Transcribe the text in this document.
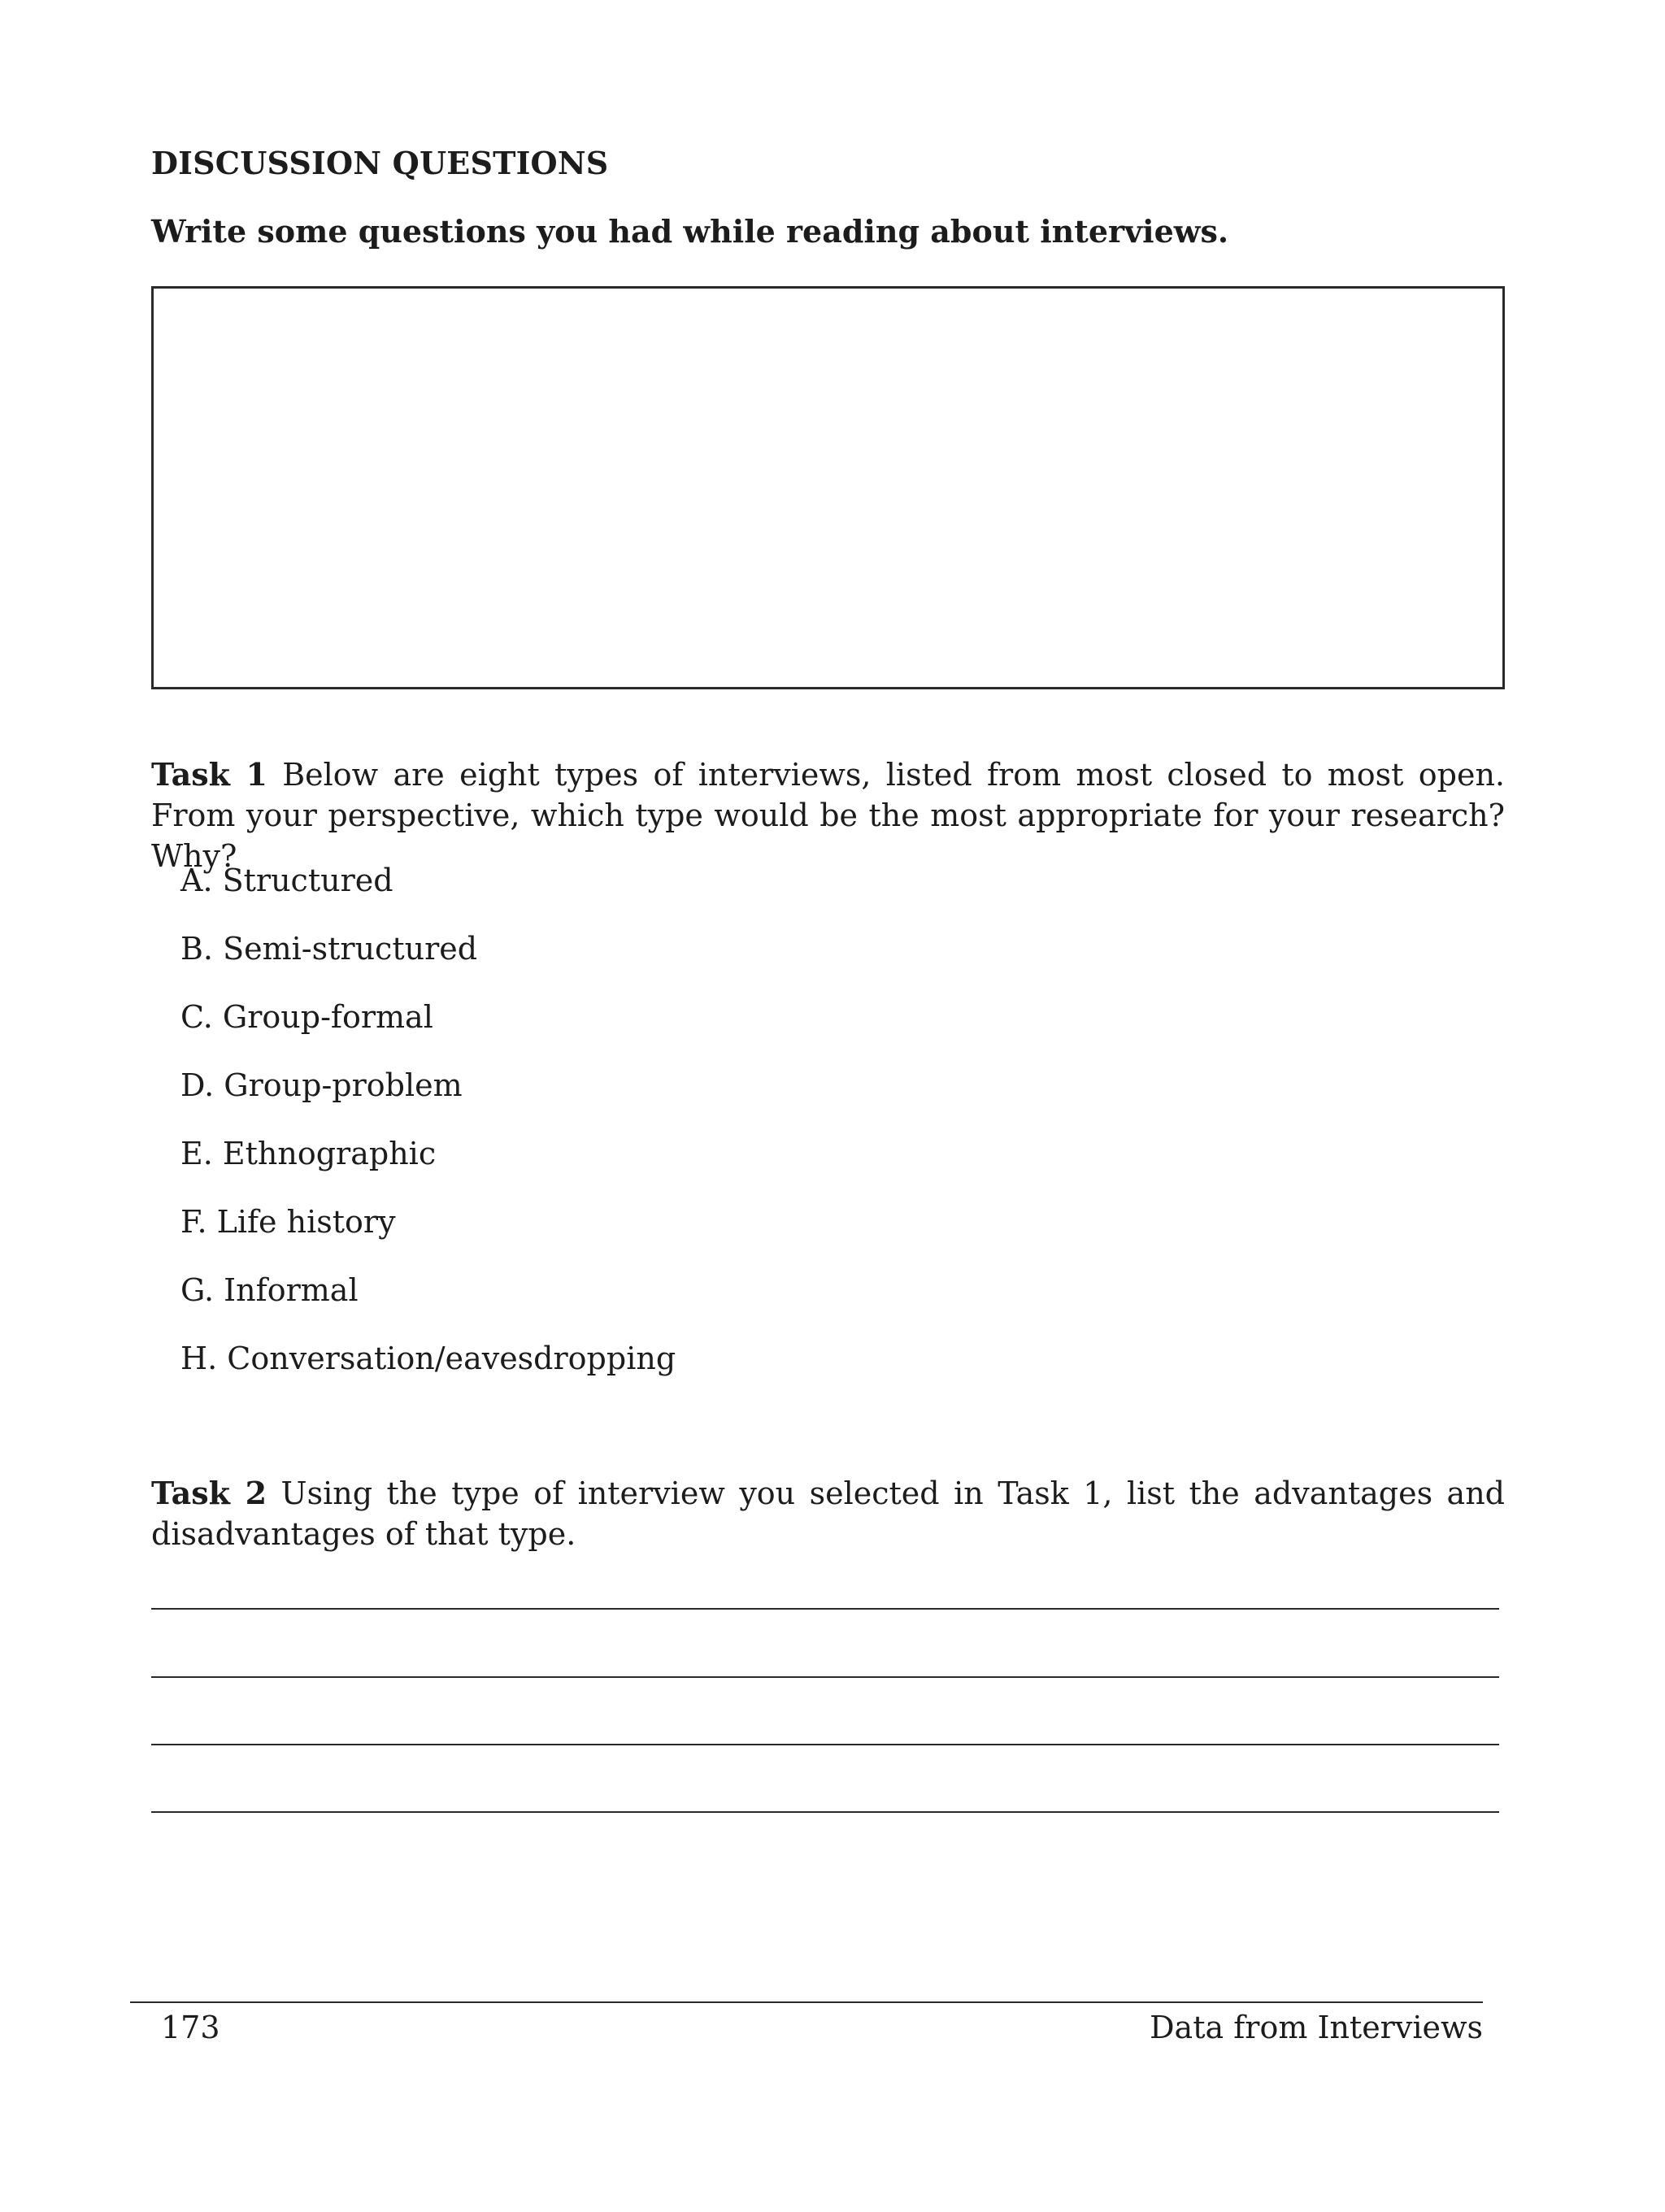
DISCUSSION QUESTIONS
Write some questions you had while reading about interviews.
Task 1 Below are eight types of interviews, listed from most closed to most open. From your perspective, which type would be the most appropriate for your research? Why?
A. Structured
B. Semi-structured
C. Group-formal
D. Group-problem
E. Ethnographic
F. Life history
G. Informal
H. Conversation/eavesdropping
Task 2 Using the type of interview you selected in Task 1, list the advantages and disadvantages of that type.
173	Data from Interviews
